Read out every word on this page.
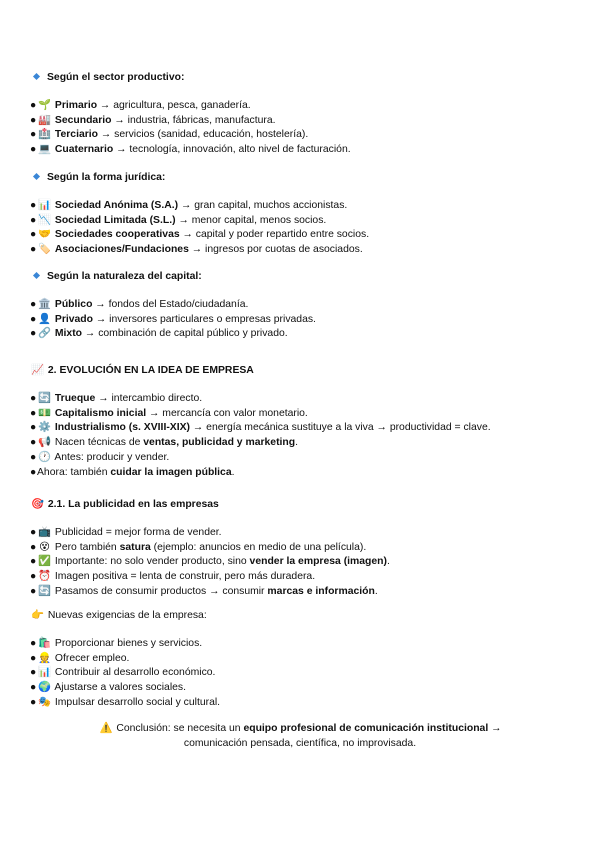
Según el sector productivo:
● 🌱 Primario → agricultura, pesca, ganadería.
● 🏭 Secundario → industria, fábricas, manufactura.
● 🏥 Terciario → servicios (sanidad, educación, hostelería).
● 💻 Cuaternario → tecnología, innovación, alto nivel de facturación.
Según la forma jurídica:
● 📊 Sociedad Anónima (S.A.) → gran capital, muchos accionistas.
● 📉 Sociedad Limitada (S.L.) → menor capital, menos socios.
● 🤝 Sociedades cooperativas → capital y poder repartido entre socios.
● 🏷️ Asociaciones/Fundaciones → ingresos por cuotas de asociados.
Según la naturaleza del capital:
● 🏛️ Público → fondos del Estado/ciudadanía.
● 👤 Privado → inversores particulares o empresas privadas.
● 🔗 Mixto → combinación de capital público y privado.
📈 2. EVOLUCIÓN EN LA IDEA DE EMPRESA
● 🔄 Trueque → intercambio directo.
● 💵 Capitalismo inicial → mercancía con valor monetario.
● ⚙️ Industrialismo (s. XVIII-XIX) → energía mecánica sustituye a la viva → productividad = clave.
● 📢 Nacen técnicas de ventas, publicidad y marketing.
● 🕐 Antes: producir y vender.
●Ahora: también cuidar la imagen pública.
🎯 2.1. La publicidad en las empresas
● 📺 Publicidad = mejor forma de vender.
● 😵 Pero también satura (ejemplo: anuncios en medio de una película).
● ✅ Importante: no solo vender producto, sino vender la empresa (imagen).
● ⏰ Imagen positiva = lenta de construir, pero más duradera.
● 🔄 Pasamos de consumir productos → consumir marcas e información.
👉 Nuevas exigencias de la empresa:
● 🛍️ Proporcionar bienes y servicios.
● 👷 Ofrecer empleo.
● 📊 Contribuir al desarrollo económico.
● 🌍 Ajustarse a valores sociales.
● 🎭 Impulsar desarrollo social y cultural.
⚠️ Conclusión: se necesita un equipo profesional de comunicación institucional →
comunicación pensada, científica, no improvisada.
